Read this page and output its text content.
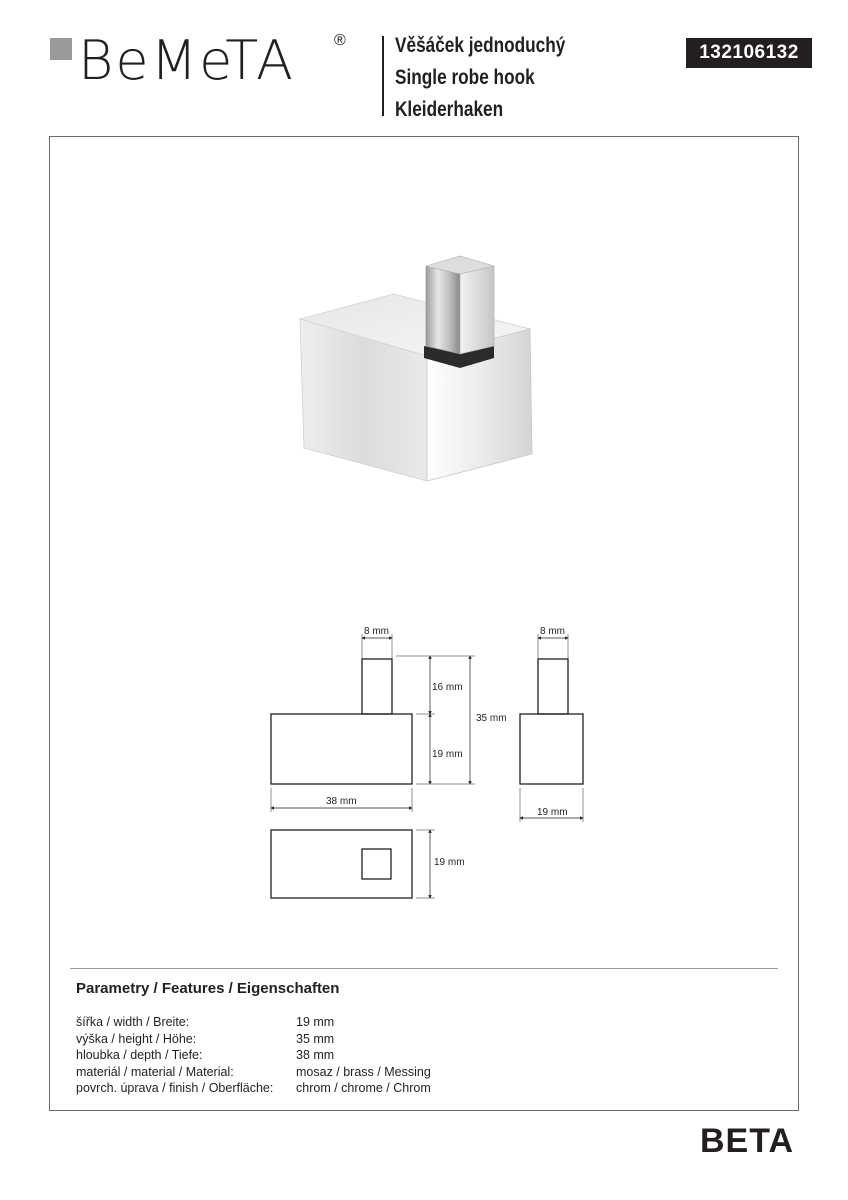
BeMeTA ® Věšáček jednoduchý
Single robe hook
Kleiderhaken
132106132
8 mm	8 mm
16 mm
19 mm
35 mm
38 mm
19 mm
19 mm
Parametry / Features / Eigenschaften
šířka / width / Breite:	19 mm
výška / height / Höhe:	35 mm
hloubka / depth / Tiefe:	38 mm
materiál / material / Material:	mosaz / brass / Messing
povrch. úprava / finish / Oberfläche:	chrom / chrome / Chrom
BETA
